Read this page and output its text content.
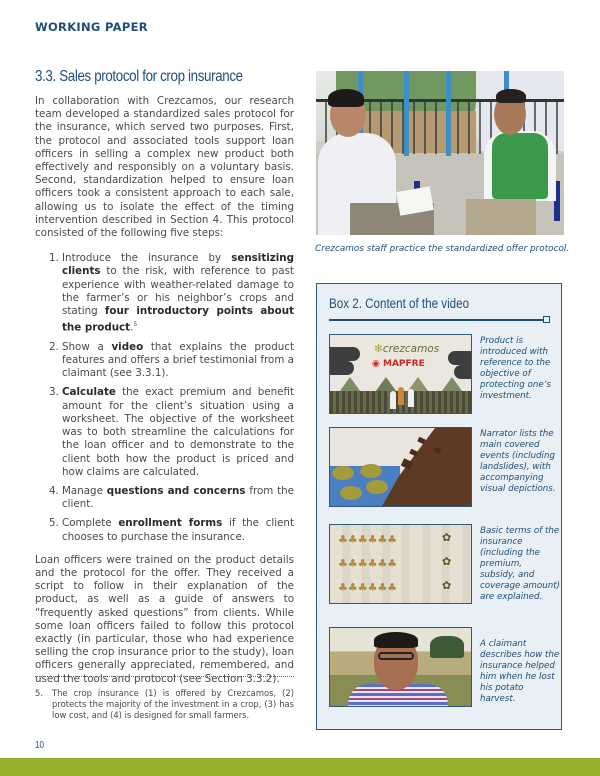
WORKING PAPER
3.3. Sales protocol for crop insurance

In collaboration with Crezcamos, our research team developed a standardized sales protocol for the insurance, which served two purposes. First, the protocol and associated tools support loan officers in selling a complex new product both effectively and responsibly on a voluntary basis. Second, standardization helped to ensure loan officers took a consistent approach to each sale, allowing us to isolate the effect of the timing intervention described in Section 4. This protocol consisted of the following five steps:

1. Introduce the insurance by sensitizing clients to the risk, with reference to past experience with weather-related damage to the farmer’s or his neighbor’s crops and stating four introductory points about the product.$^5$
2. Show a video that explains the product features and offers a brief testimonial from a claimant (see 3.3.1).
3. Calculate the exact premium and benefit amount for the client’s situation using a worksheet. The objective of the worksheet was to both streamline the calculations for the loan officer and to demonstrate to the client both how the product is priced and how claims are calculated.
4. Manage questions and concerns from the client.
5. Complete enrollment forms if the client chooses to purchase the insurance.

Loan officers were trained on the product details and the protocol for the offer. They received a script to follow in their explanation of the product, as well as a guide of answers to “frequently asked questions” from clients. While some loan officers failed to follow this protocol exactly (in particular, those who had experience selling the crop insurance prior to the study), loan officers generally appreciated, remembered, and used the tools and protocol (see Section 3.3.2).

Crezcamos staff practice the standardized offer protocol.
Box 2. Content of the video
✻crezcamos
◉ MAPFRE
Product is introduced with reference to the objective of protecting one’s investment.
Narrator lists the main covered events (including landslides), with accompanying visual depictions.
♣♣♣♣♣♣	✿
♣♣♣♣♣♣	✿
♣♣♣♣♣♣	✿
Basic terms of the insurance (including the premium, subsidy, and coverage amount) are explained.
A claimant describes how the insurance helped him when he lost his potato harvest.
5. The crop insurance (1) is offered by Crezcamos, (2) protects the majority of the investment in a crop, (3) has low cost, and (4) is designed for small farmers.
10
